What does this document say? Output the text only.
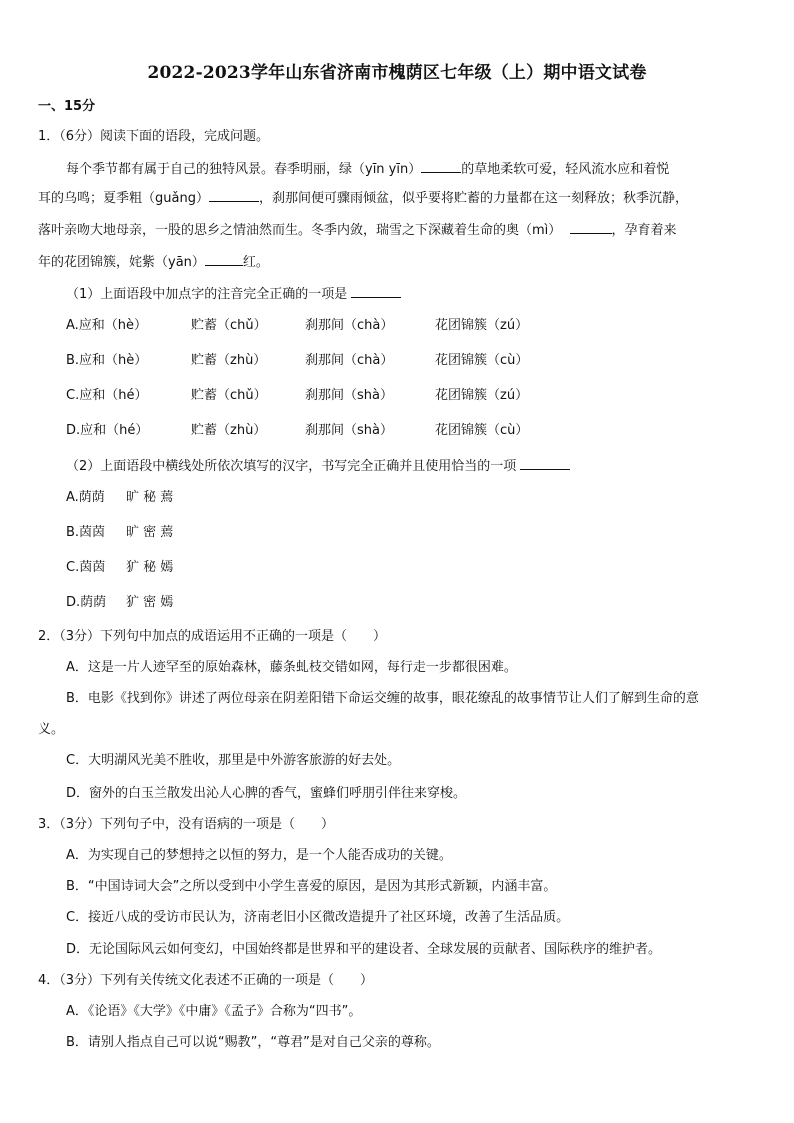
2022-2023学年山东省济南市槐荫区七年级（上）期中语文试卷
一、15分
1．（6分）阅读下面的语段，完成问题。
每个季节都有属于自己的独特风景。春季明丽，绿（yīn yīn）	的草地柔软可爱，轻风流水应和着悦
耳的乌鸣；夏季粗（guǎng）	，刹那间便可骤雨倾盆，似乎要将贮蓄的力量都在这一刻释放；秋季沉静，
落叶亲吻大地母亲，一股的思乡之情油然而生。冬季内敛，瑞雪之下深藏着生命的奥（mì）	，孕育着来
年的花团锦簇，姹紫（yān）	红。
（1）上面语段中加点字的注音完全正确的一项是
A.应和（hè）	贮蓄（chǔ）	刹那间（chà）	花团锦簇（zú）
B.应和（hè）	贮蓄（zhù）	刹那间（chà）	花团锦簇（cù）
C.应和（hé）	贮蓄（chǔ）	刹那间（shà）	花团锦簇（zú）
D.应和（hé）	贮蓄（zhù）	刹那间（shà）	花团锦簇（cù）
（2）上面语段中横线处所依次填写的汉字，书写完全正确并且使用恰当的一项
A.荫荫 旷 秘 蔫
B.茵茵 旷 密 蔫
C.茵茵 犷 秘 嫣
D.荫荫 犷 密 嫣
2．（3分）下列句中加点的成语运用不正确的一项是（　　）
A．这是一片人迹罕至的原始森林，藤条虬枝交错如网，每行走一步都很困难。
B．电影《找到你》讲述了两位母亲在阴差阳错下命运交缠的故事，眼花缭乱的故事情节让人们了解到生命的意
义。
C．大明湖风光美不胜收，那里是中外游客旅游的好去处。
D．窗外的白玉兰散发出沁人心脾的香气，蜜蜂们呼朋引伴往来穿梭。
3．（3分）下列句子中，没有语病的一项是（　　）
A．为实现自己的梦想持之以恒的努力，是一个人能否成功的关键。
B．“中国诗词大会”之所以受到中小学生喜爱的原因，是因为其形式新颖，内涵丰富。
C．接近八成的受访市民认为，济南老旧小区微改造提升了社区环境，改善了生活品质。
D．无论国际风云如何变幻，中国始终都是世界和平的建设者、全球发展的贡献者、国际秩序的维护者。
4．（3分）下列有关传统文化表述不正确的一项是（　　）
A．《论语》《大学》《中庸》《孟子》合称为“四书”。
B．请别人指点自己可以说“赐教”，“尊君”是对自己父亲的尊称。
